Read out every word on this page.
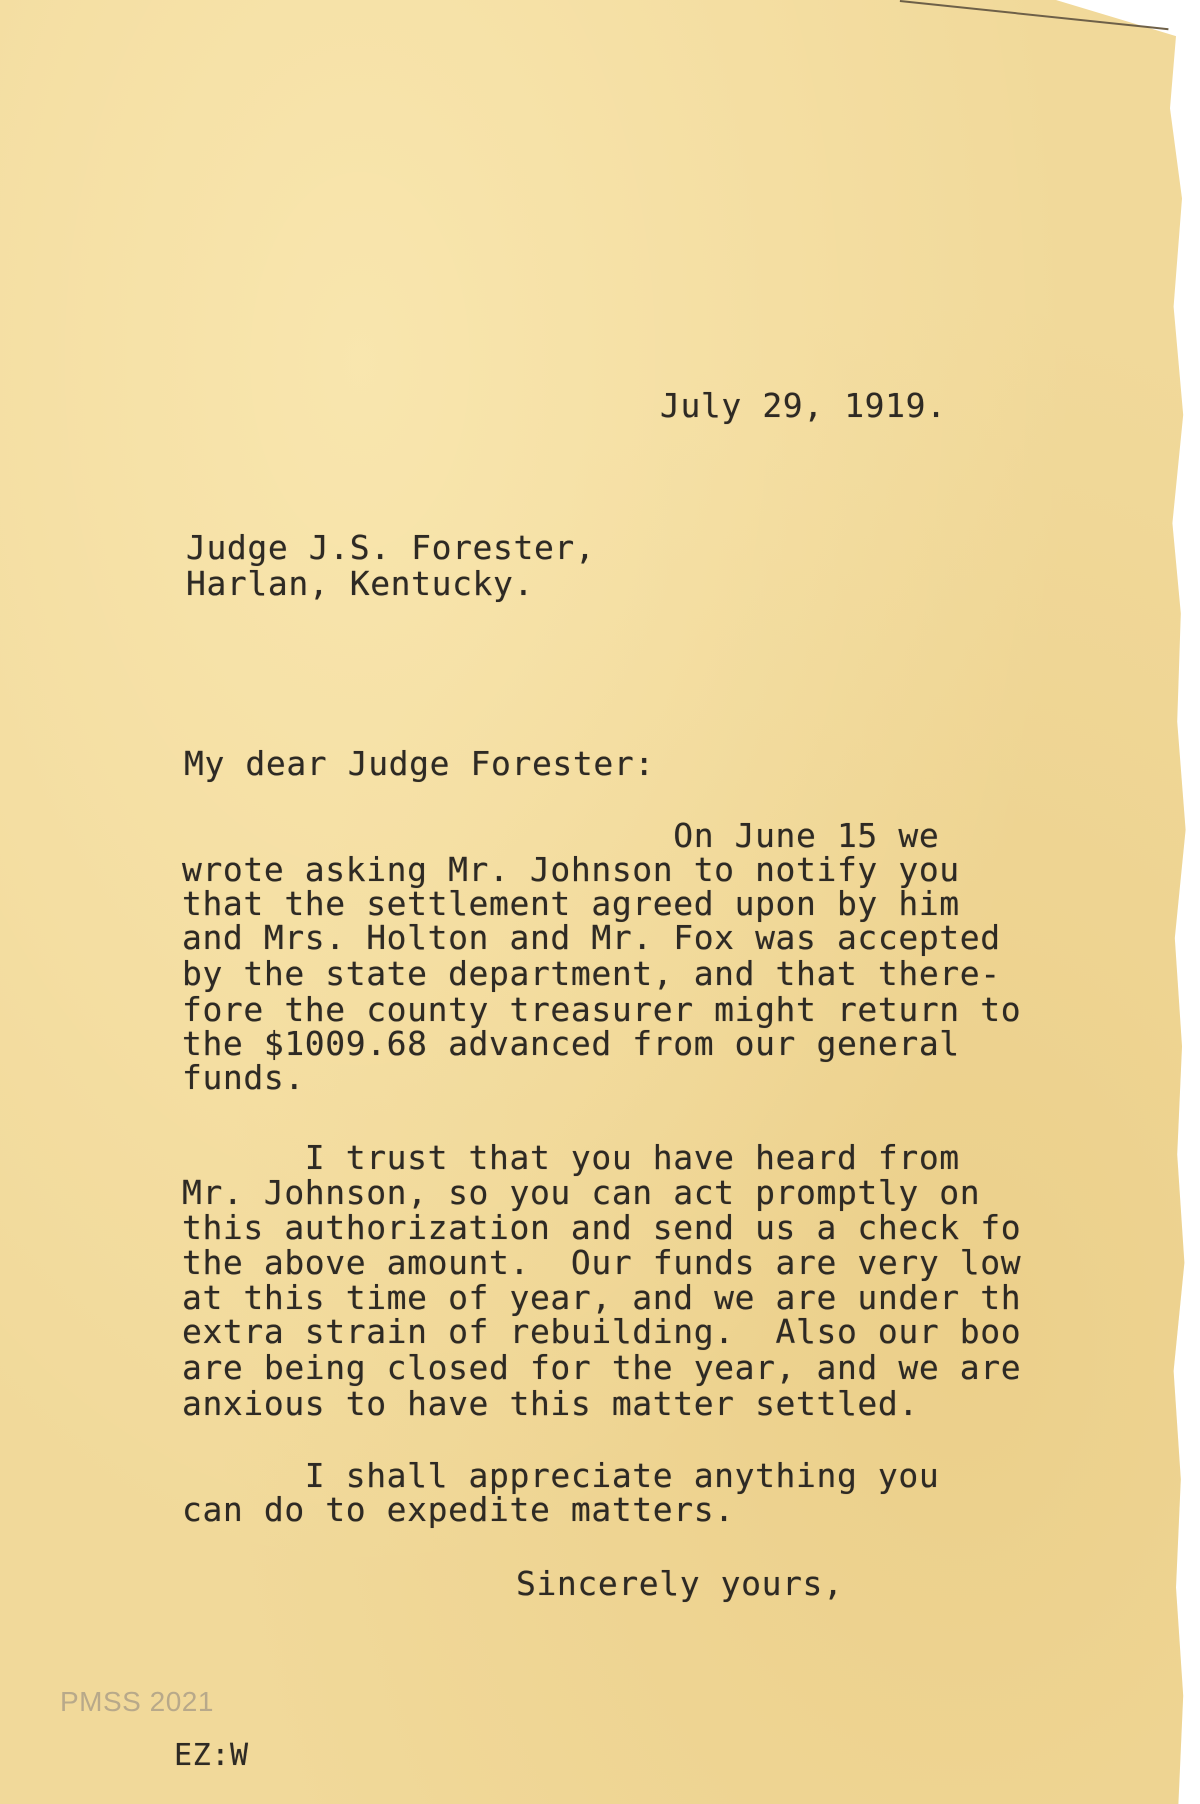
July 29, 1919.

Judge J.S. Forester,

Harlan, Kentucky.

My dear Judge Forester:

On June 15 we

wrote asking Mr. Johnson to notify you

that the settlement agreed upon by him

and Mrs. Holton and Mr. Fox was accepted

by the state department, and that there-

fore the county treasurer might return to

the $1009.68 advanced from our general

funds.

I trust that you have heard from

Mr. Johnson, so you can act promptly on

this authorization and send us a check fo

the above amount.  Our funds are very low

at this time of year, and we are under th

extra strain of rebuilding.  Also our boo

are being closed for the year, and we are

anxious to have this matter settled.

I shall appreciate anything you

can do to expedite matters.

Sincerely yours,

PMSS 2021

EZ:W
